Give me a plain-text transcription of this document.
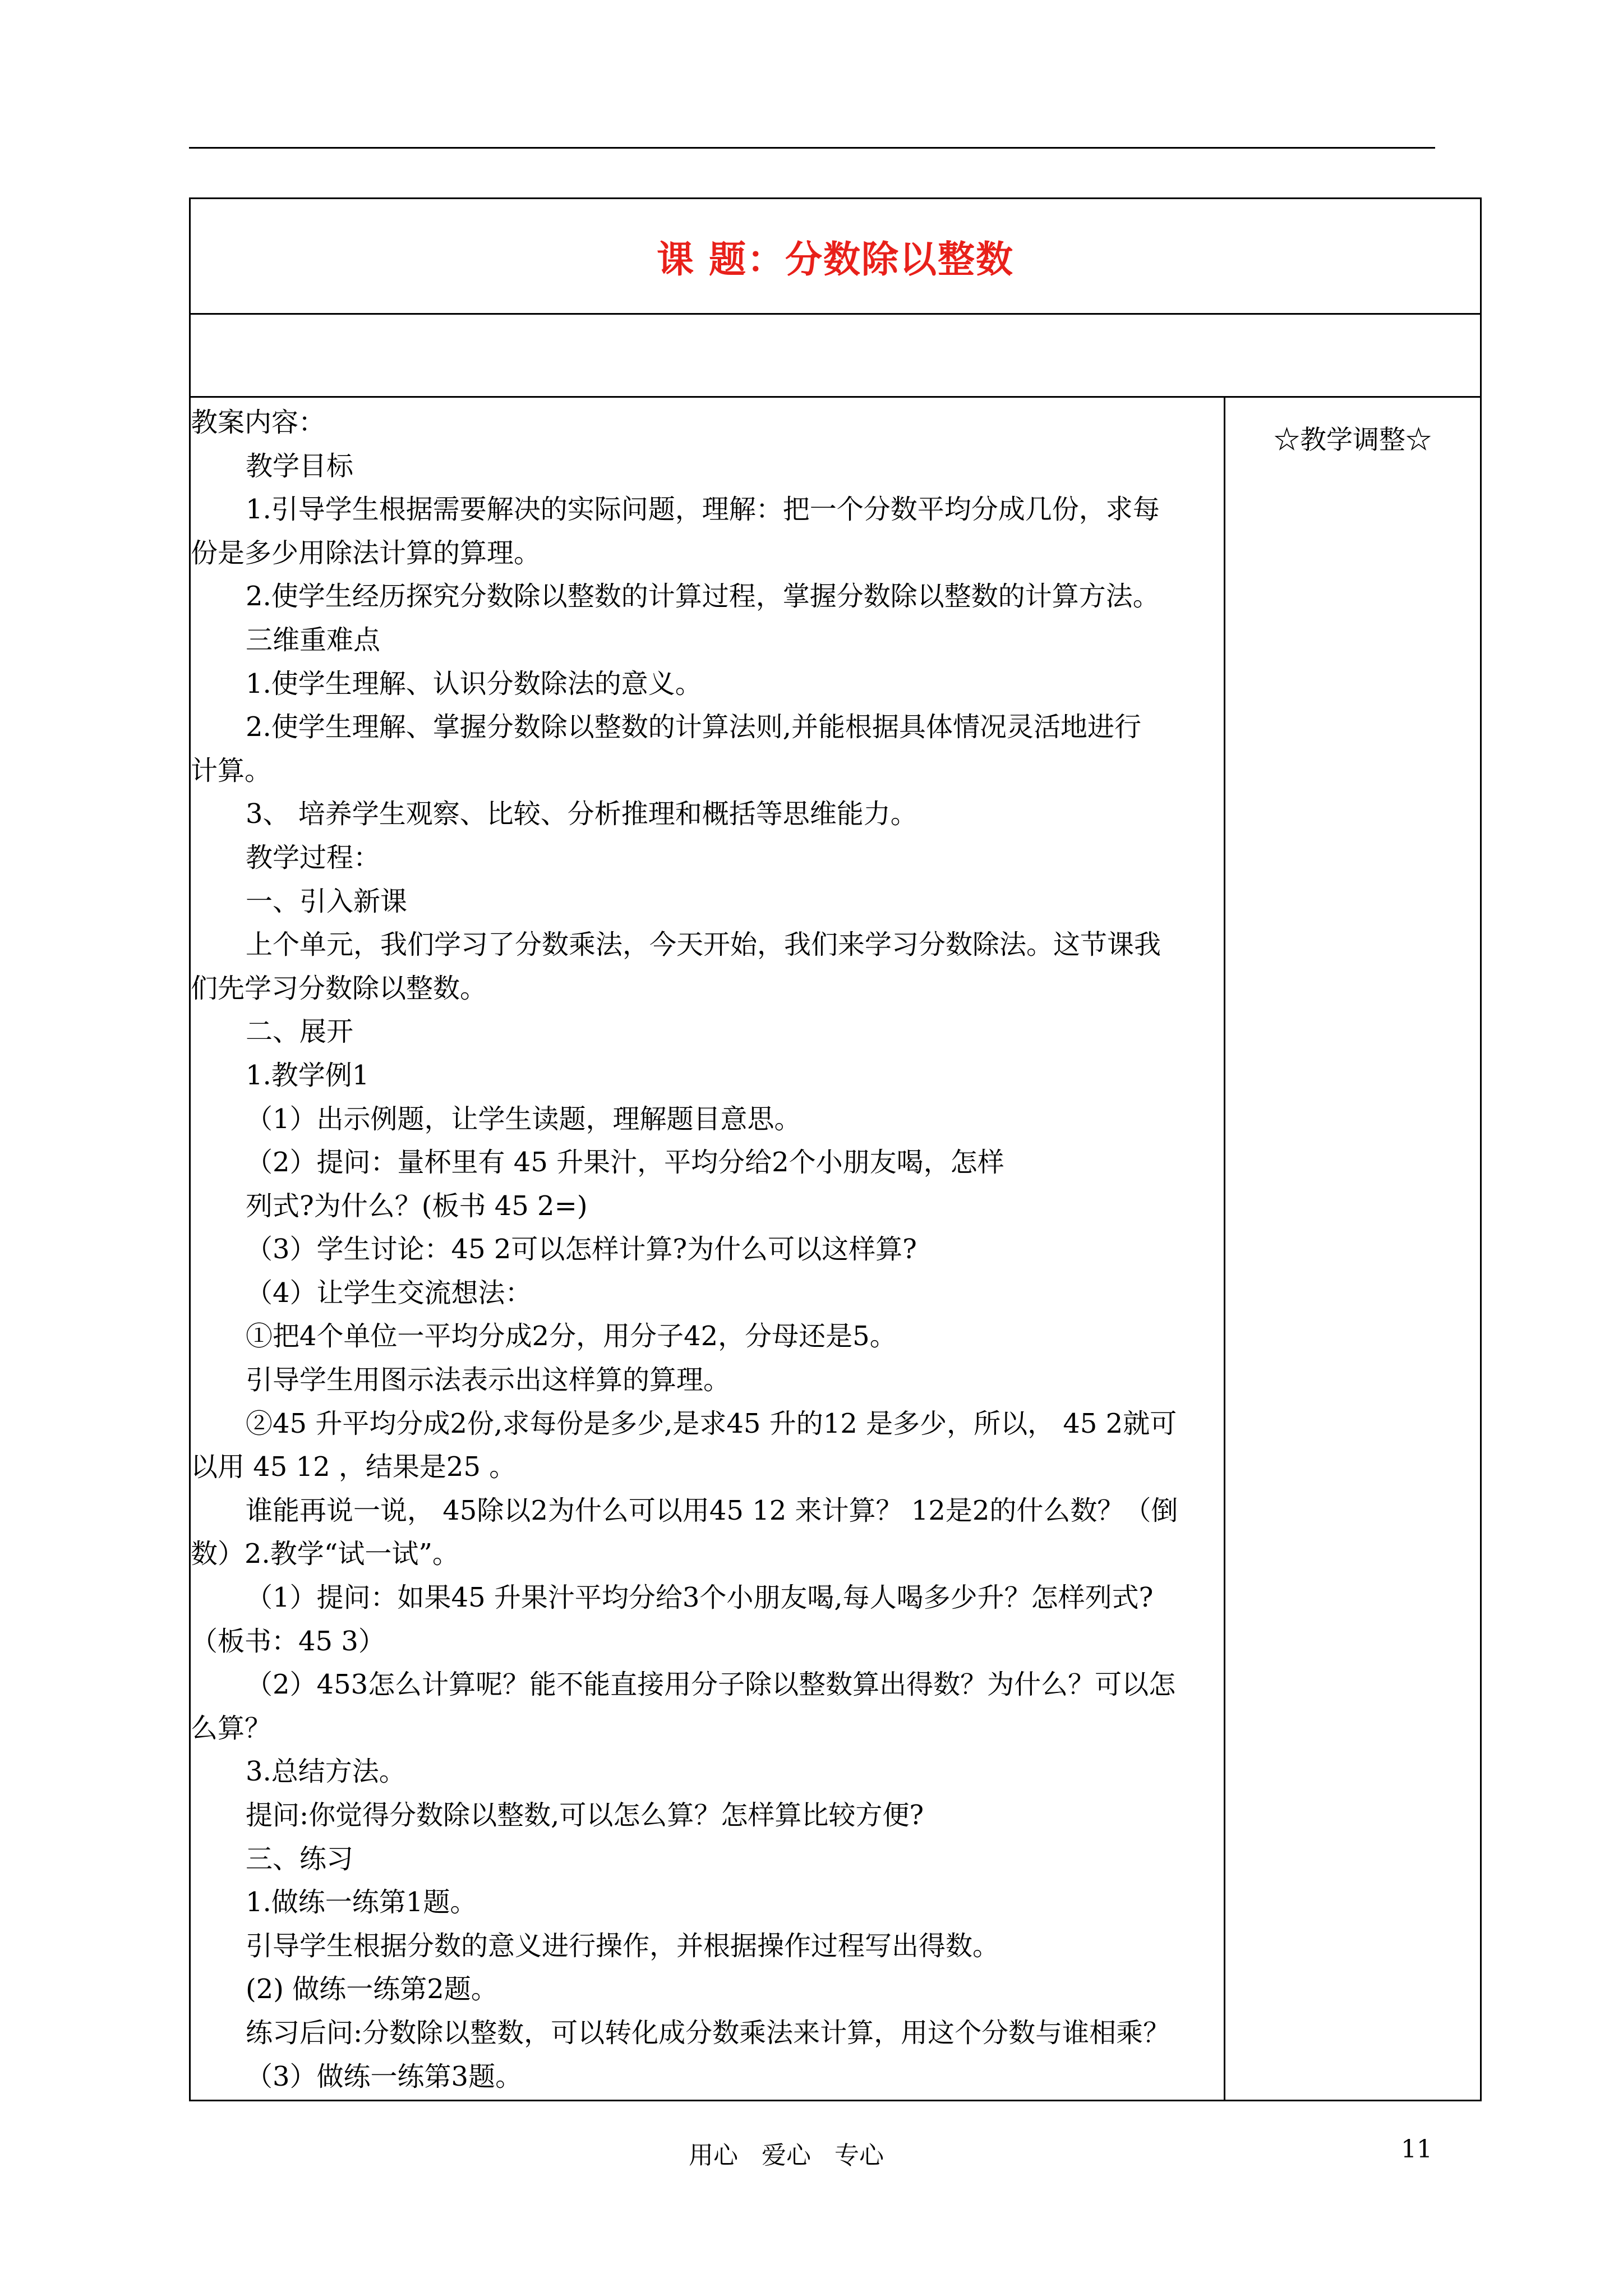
课 题：分数除以整数
教案内容：
教学目标
1.引导学生根据需要解决的实际问题，理解：把一个分数平均分成几份，求每
份是多少用除法计算的算理。
2.使学生经历探究分数除以整数的计算过程，掌握分数除以整数的计算方法。
三维重难点
1.使学生理解、认识分数除法的意义。
2.使学生理解、掌握分数除以整数的计算法则,并能根据具体情况灵活地进行
计算。
3、 培养学生观察、比较、分析推理和概括等思维能力。
教学过程：
一、引入新课
上个单元，我们学习了分数乘法，今天开始，我们来学习分数除法。这节课我
们先学习分数除以整数。
二、展开
1.教学例1
（1）出示例题，让学生读题，理解题目意思。
（2）提问：量杯里有 45 升果汁，平均分给2个小朋友喝，怎样
列式?为什么？(板书 45 2=)
（3）学生讨论：45 2可以怎样计算?为什么可以这样算?
（4）让学生交流想法：
①把4个单位一平均分成2分，用分子42，分母还是5。
引导学生用图示法表示出这样算的算理。
②45 升平均分成2份,求每份是多少,是求45 升的12 是多少，所以， 45 2就可
以用 45 12 ，结果是25 。
谁能再说一说， 45除以2为什么可以用45 12 来计算？ 12是2的什么数？（倒
数）2.教学“试一试”。
（1）提问：如果45 升果汁平均分给3个小朋友喝,每人喝多少升？怎样列式?
（板书：45 3）
（2）453怎么计算呢？能不能直接用分子除以整数算出得数？为什么？可以怎
么算？
3.总结方法。
提问:你觉得分数除以整数,可以怎么算？怎样算比较方便?
三、练习
1.做练一练第1题。
引导学生根据分数的意义进行操作，并根据操作过程写出得数。
(2) 做练一练第2题。
练习后问:分数除以整数，可以转化成分数乘法来计算，用这个分数与谁相乘？
（3）做练一练第3题。
☆教学调整☆
用心 爱心 专心	11
